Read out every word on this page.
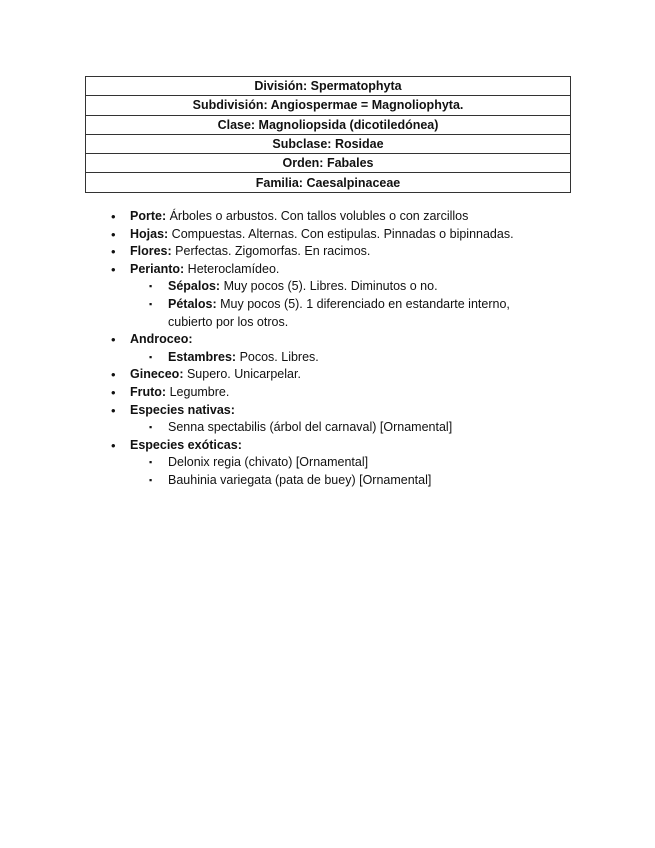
División: Spermatophyta
Subdivisión: Angiospermae = Magnoliophyta.
Clase: Magnoliopsida (dicotiledónea)
Subclase: Rosidae
Orden: Fabales
Familia: Caesalpinaceae
• Porte: Árboles o arbustos. Con tallos volubles o con zarcillos
• Hojas: Compuestas. Alternas. Con estipulas. Pinnadas o bipinnadas.
• Flores: Perfectas. Zigomorfas. En racimos.
• Perianto: Heteroclamídeo.
▪ Sépalos: Muy pocos (5). Libres. Diminutos o no.
▪ Pétalos: Muy pocos (5). 1 diferenciado en estandarte interno,
cubierto por los otros.
• Androceo:
▪ Estambres: Pocos. Libres.
• Gineceo: Supero. Unicarpelar.
• Fruto: Legumbre.
• Especies nativas:
▪ Senna spectabilis (árbol del carnaval) [Ornamental]
• Especies exóticas:
▪ Delonix regia (chivato) [Ornamental]
▪ Bauhinia variegata (pata de buey) [Ornamental]
